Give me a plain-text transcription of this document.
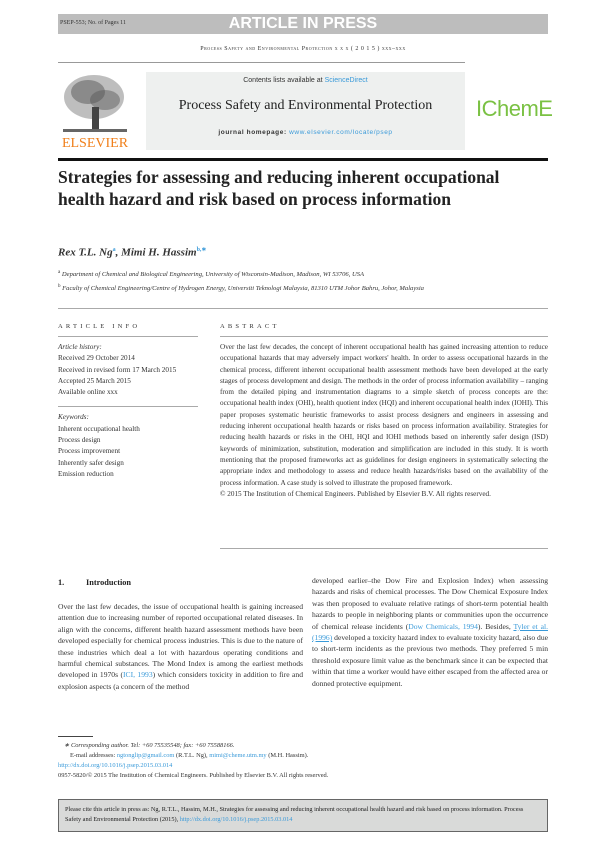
PSEP-553; No. of Pages 11	ARTICLE IN PRESS
Process Safety and Environmental Protection x x x ( 2 0 1 5 ) xxx–xxx
ELSEVIER
Contents lists available at ScienceDirect
Process Safety and Environmental Protection
journal homepage: www.elsevier.com/locate/psep
IChemE
Strategies for assessing and reducing inherent occupational health hazard and risk based on process information
Rex T.L. Ng$^a$, Mimi H. Hassim$^{b,∗}$
$^a$ Department of Chemical and Biological Engineering, University of Wisconsin-Madison, Madison, WI 53706, USA
$^b$ Faculty of Chemical Engineering/Centre of Hydrogen Energy, Universiti Teknologi Malaysia, 81310 UTM Johor Bahru, Johor, Malaysia
ARTICLE INFO
Article history:
Received 29 October 2014
Received in revised form 17 March 2015
Accepted 25 March 2015
Available online xxx
Keywords:
Inherent occupational health
Process design
Process improvement
Inherently safer design
Emission reduction
ABSTRACT

Over the last few decades, the concept of inherent occupational health has gained increasing attention to reduce occupational hazards that may adversely impact workers' health. In order to assess occupational hazards in the chemical process, different inherent occupational health assessment methods have been developed at the early stages of process development and design. The methods in the order of process information availability – ranging from the detailed piping and instrumentation diagrams to a simple sketch of process concepts are the: occupational health index (OHI), health quotient index (HQI) and inherent occupational health index (IOHI). This paper proposes systematic heuristic frameworks to assist process designers and engineers in assessing and reducing inherent occupational health hazards or risks based on process information availability. Strategies for reducing health hazards or risks in the OHI, HQI and IOHI methods based on inherently safer design (ISD) keywords of minimization, substitution, moderation and simplification are included in this study. It is worth mentioning that the proposed frameworks act as guidelines for design engineers in systematically selecting the appropriate index and methodology to assess and reduce health hazards/risks based on the availability of the process information. A case study is solved to illustrate the proposed framework.

© 2015 The Institution of Chemical Engineers. Published by Elsevier B.V. All rights reserved.

1.	Introduction
Over the last few decades, the issue of occupational health is gaining increased attention due to increasing number of reported occupational related diseases. In align with the concerns, different health hazard assessment methods have been developed especially for chemical process industries. This is due to the nature of these industries which deal a lot with hazardous operating conditions and harmful chemical substances. The Mond Index is among the earliest methods developed in 1970s (ICI, 1993) which considers toxicity in addition to fire and explosion aspects (a concern of the method
developed earlier–the Dow Fire and Explosion Index) when assessing hazards and risks of chemical processes. The Dow Chemical Exposure Index was then proposed to evaluate relative ratings of short-term potential health hazards to people in neighboring plants or communities upon the occurrence of chemical release incidents (Dow Chemicals, 1994). Besides, Tyler et al. (1996) developed a toxicity hazard index to evaluate toxicity hazard, also due to short-term incidents as the previous two methods. They preferred 5 min threshold exposure limit value as the benchmark since it can be expected that within that time a worker would have either escaped from the affected area or donned protective equipment.
∗ Corresponding author. Tel: +60 75535548; fax: +60 75588166.
E-mail addresses: ngtonglip@gmail.com (R.T.L. Ng), mimi@cheme.utm.my (M.H. Hassim).
http://dx.doi.org/10.1016/j.psep.2015.03.014
0957-5820/© 2015 The Institution of Chemical Engineers. Published by Elsevier B.V. All rights reserved.
Please cite this article in press as: Ng, R.T.L., Hassim, M.H., Strategies for assessing and reducing inherent occupational health hazard and risk based on process information. Process Safety and Environmental Protection (2015), http://dx.doi.org/10.1016/j.psep.2015.03.014
